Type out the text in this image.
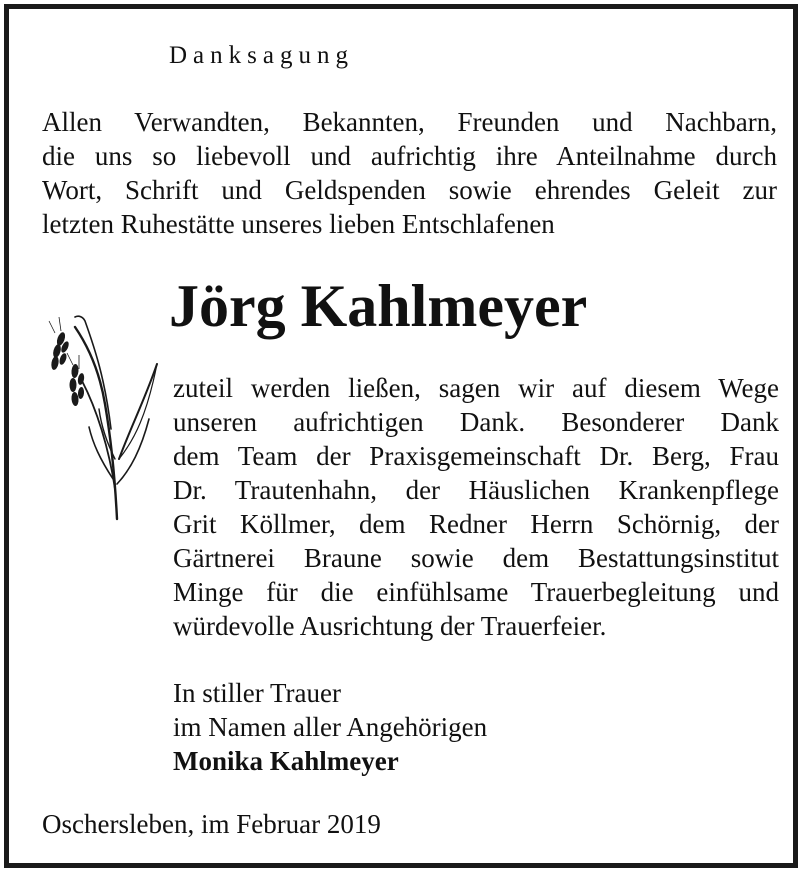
Danksagung
Allen Verwandten, Bekannten, Freunden und Nachbarn,
die uns so liebevoll und aufrichtig ihre Anteilnahme durch
Wort, Schrift und Geldspenden sowie ehrendes Geleit zur
letzten Ruhestätte unseres lieben Entschlafenen
Jörg Kahlmeyer
zuteil werden ließen, sagen wir auf diesem Wege
unseren aufrichtigen Dank. Besonderer Dank
dem Team der Praxisgemeinschaft Dr. Berg, Frau
Dr. Trautenhahn, der Häuslichen Krankenpflege
Grit Köllmer, dem Redner Herrn Schörnig, der
Gärtnerei Braune sowie dem Bestattungsinstitut
Minge für die einfühlsame Trauerbegleitung und
würdevolle Ausrichtung der Trauerfeier.
In stiller Trauer
im Namen aller Angehörigen
Monika Kahlmeyer
Oschersleben, im Februar 2019
